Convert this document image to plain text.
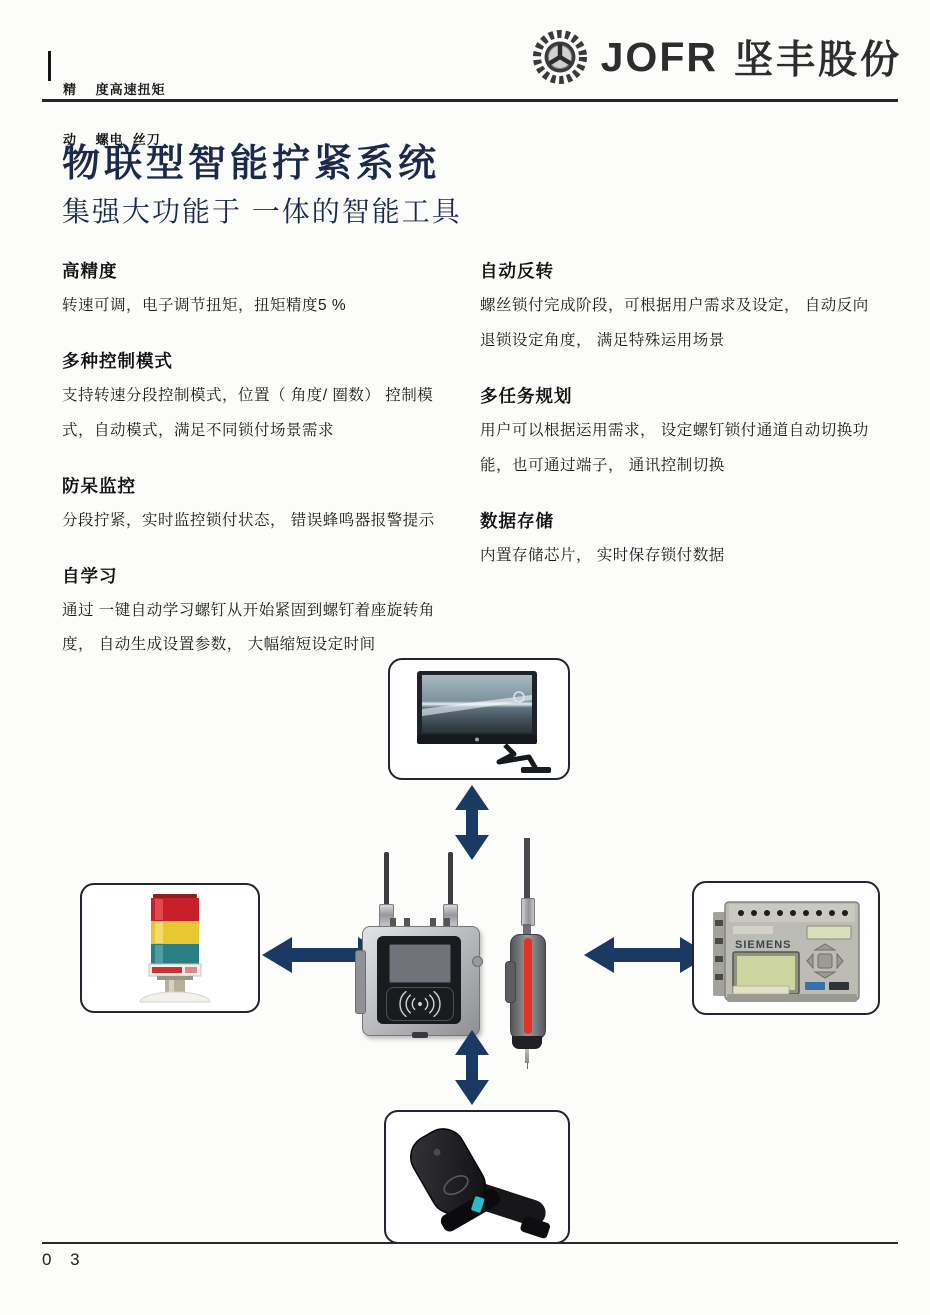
精　 度高速扭矩

动　 螺电  丝刀

JOFR 坚丰股份
物联型智能拧紧系统
集强大功能于 一体的智能工具
高精度

转速可调，电子调节扭矩，扭矩精度5 %

多种控制模式

支持转速分段控制模式，位置（ 角度/ 圈数） 控制模式，自动模式，满足不同锁付场景需求

防呆监控

分段拧紧，实时监控锁付状态， 错误蜂鸣器报警提示

自学习

通过 一键自动学习螺钉从开始紧固到螺钉着座旋转角度， 自动生成设置参数， 大幅缩短设定时间

自动反转

螺丝锁付完成阶段，可根据用户需求及设定， 自动反向退锁设定角度， 满足特殊运用场景

多任务规划

用户可以根据运用需求， 设定螺钉锁付通道自动切换功能，也可通过端子， 通讯控制切换

数据存储

内置存储芯片， 实时保存锁付数据

SIEMENS
0 3
